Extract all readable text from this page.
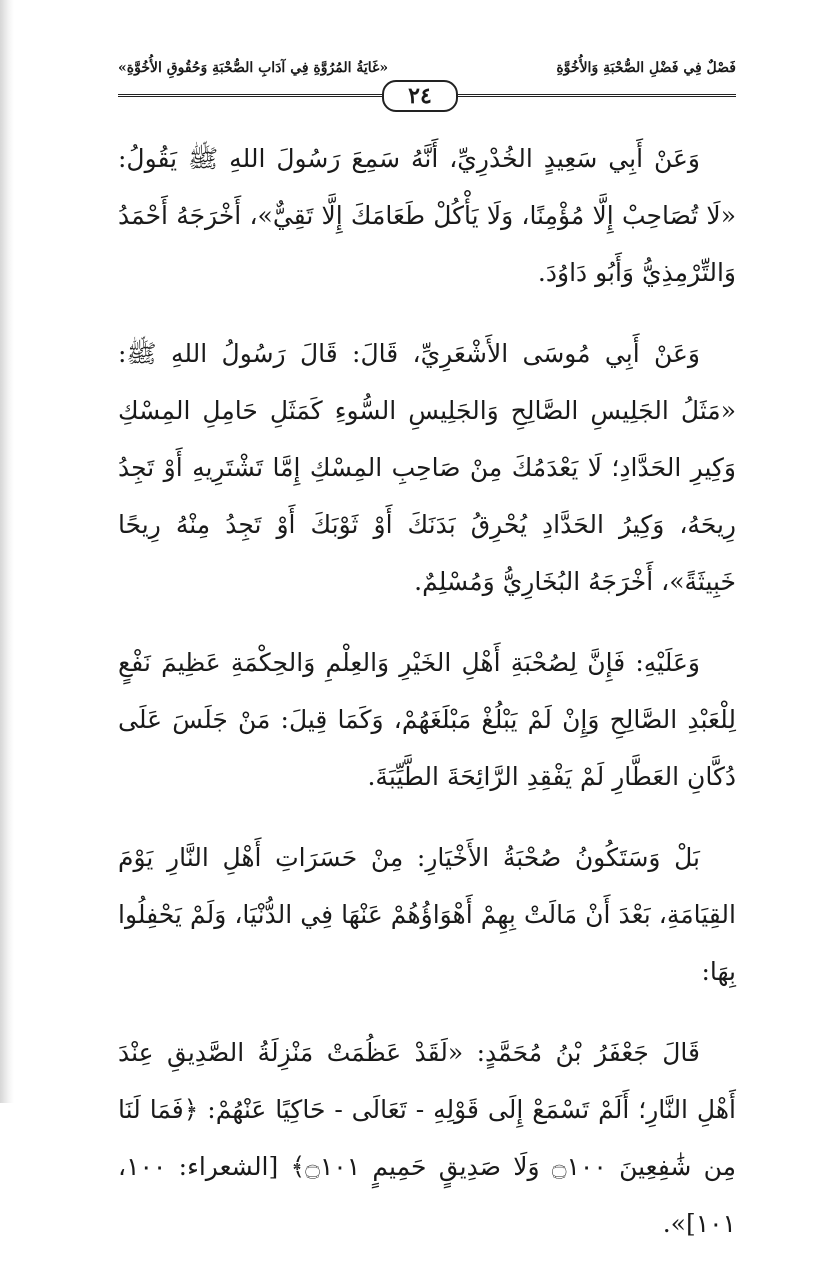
فَصْلٌ فِي فَضْلِ الصُّحْبَةِ وَالأُخُوَّةِ
«غَايَةُ المُرُوَّةِ فِي آدَابِ الصُّحْبَةِ وَحُقُوقِ الأُخُوَّةِ»
٢٤

وَعَنْ أَبِي سَعِيدٍ الخُدْرِيِّ، أَنَّهُ سَمِعَ رَسُولَ اللهِ ﷺ يَقُولُ: «لَا تُصَاحِبْ إِلَّا مُؤْمِنًا، وَلَا يَأْكُلْ طَعَامَكَ إِلَّا تَقِيٌّ»، أَخْرَجَهُ أَحْمَدُ وَالتِّرْمِذِيُّ وَأَبُو دَاوُدَ.

وَعَنْ أَبِي مُوسَى الأَشْعَرِيِّ، قَالَ: قَالَ رَسُولُ اللهِ ﷺ: «مَثَلُ الجَلِيسِ الصَّالِحِ وَالجَلِيسِ السُّوءِ كَمَثَلِ حَامِلِ المِسْكِ وَكِيرِ الحَدَّادِ؛ لَا يَعْدَمُكَ مِنْ صَاحِبِ المِسْكِ إِمَّا تَشْتَرِيهِ أَوْ تَجِدُ رِيحَهُ، وَكِيرُ الحَدَّادِ يُحْرِقُ بَدَنَكَ أَوْ ثَوْبَكَ أَوْ تَجِدُ مِنْهُ رِيحًا خَبِيثَةً»، أَخْرَجَهُ البُخَارِيُّ وَمُسْلِمٌ.

وَعَلَيْهِ: فَإِنَّ لِصُحْبَةِ أَهْلِ الخَيْرِ وَالعِلْمِ وَالحِكْمَةِ عَظِيمَ نَفْعٍ لِلْعَبْدِ الصَّالِحِ وَإِنْ لَمْ يَبْلُغْ مَبْلَغَهُمْ، وَكَمَا قِيلَ: مَنْ جَلَسَ عَلَى دُكَّانِ العَطَّارِ لَمْ يَفْقِدِ الرَّائِحَةَ الطَّيِّبَةَ.

بَلْ وَسَتَكُونُ صُحْبَةُ الأَخْيَارِ: مِنْ حَسَرَاتِ أَهْلِ النَّارِ يَوْمَ القِيَامَةِ، بَعْدَ أَنْ مَالَتْ بِهِمْ أَهْوَاؤُهُمْ عَنْهَا فِي الدُّنْيَا، وَلَمْ يَحْفِلُوا بِهَا:

قَالَ جَعْفَرُ بْنُ مُحَمَّدٍ: «لَقَدْ عَظُمَتْ مَنْزِلَةُ الصَّدِيقِ عِنْدَ أَهْلِ النَّارِ؛ أَلَمْ تَسْمَعْ إِلَى قَوْلِهِ - تَعَالَى - حَاكِيًا عَنْهُمْ: ﴿فَمَا لَنَا مِن شَٰفِعِينَ ۝١٠٠ وَلَا صَدِيقٍ حَمِيمٍ ۝١٠١﴾ [الشعراء: ١٠٠، ١٠١]».
